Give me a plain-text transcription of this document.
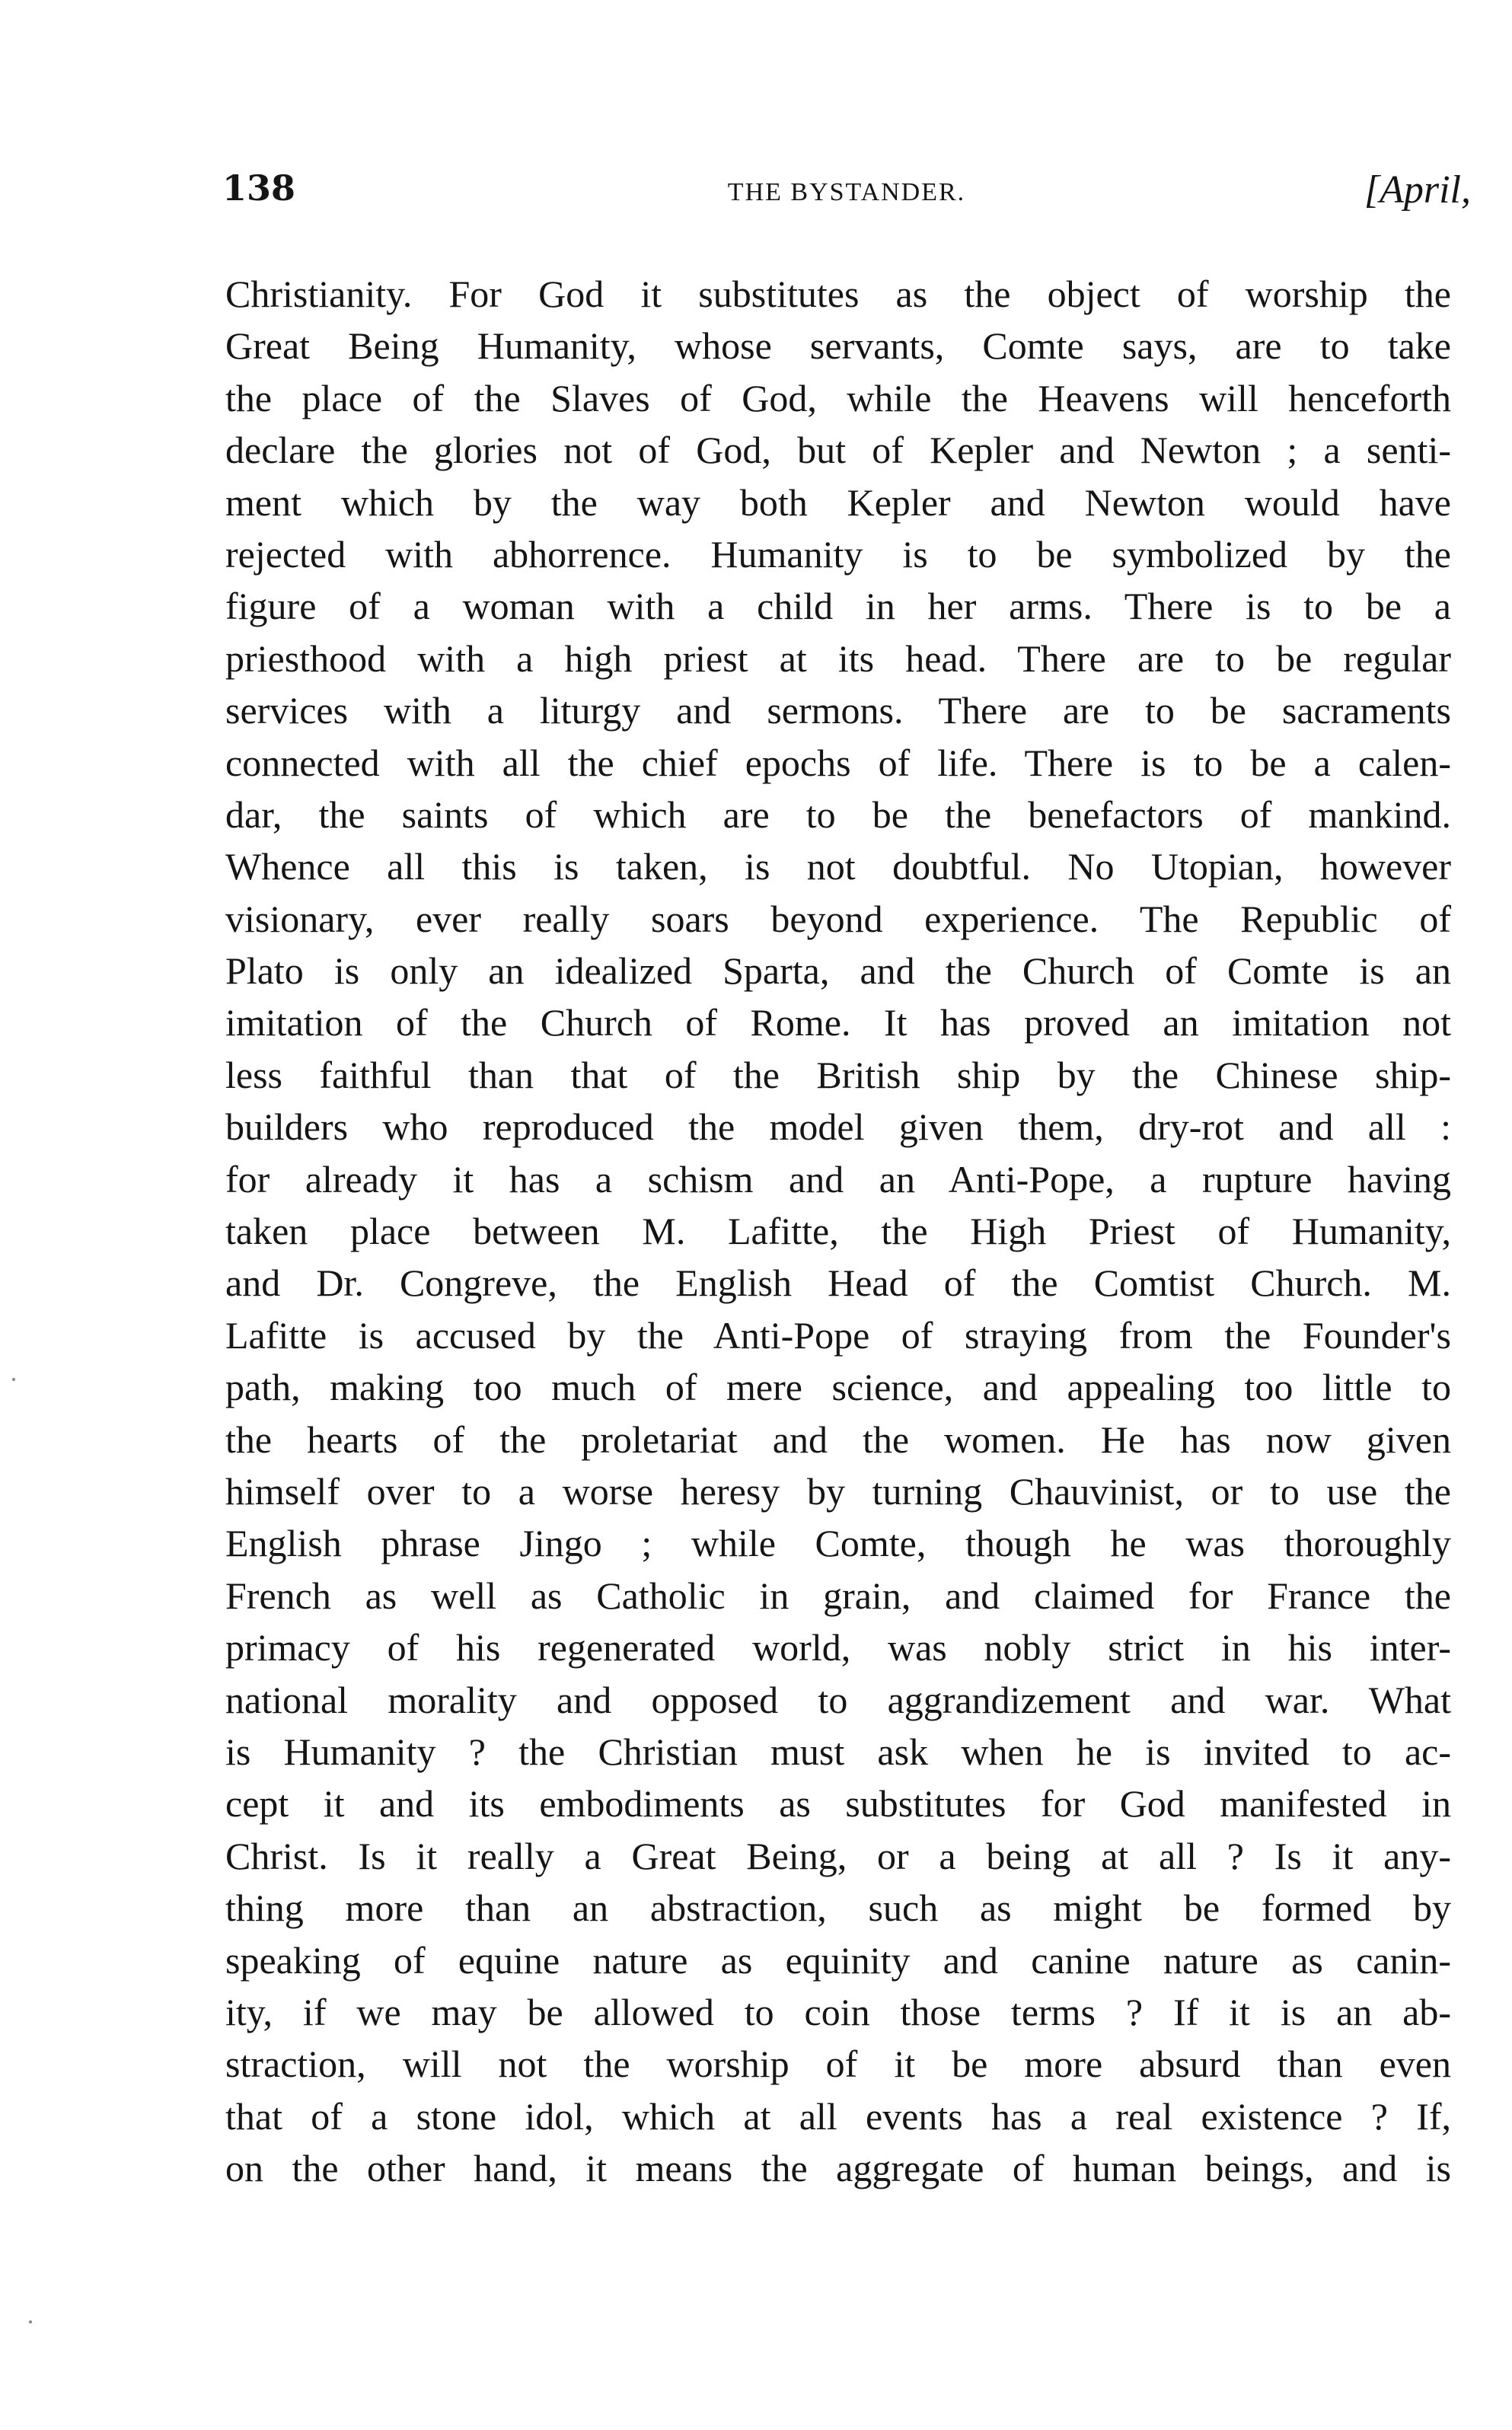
138	THE BYSTANDER.	[April,
Christianity. For God it substitutes as the object of worship the
Great Being Humanity, whose servants, Comte says, are to take
the place of the Slaves of God, while the Heavens will henceforth
declare the glories not of God, but of Kepler and Newton ; a senti-
ment which by the way both Kepler and Newton would have
rejected with abhorrence. Humanity is to be symbolized by the
figure of a woman with a child in her arms. There is to be a
priesthood with a high priest at its head. There are to be regular
services with a liturgy and sermons. There are to be sacraments
connected with all the chief epochs of life. There is to be a calen-
dar, the saints of which are to be the benefactors of mankind.
Whence all this is taken, is not doubtful. No Utopian, however
visionary, ever really soars beyond experience. The Republic of
Plato is only an idealized Sparta, and the Church of Comte is an
imitation of the Church of Rome. It has proved an imitation not
less faithful than that of the British ship by the Chinese ship-
builders who reproduced the model given them, dry-rot and all :
for already it has a schism and an Anti-Pope, a rupture having
taken place between M. Lafitte, the High Priest of Humanity,
and Dr. Congreve, the English Head of the Comtist Church. M.
Lafitte is accused by the Anti-Pope of straying from the Founder's
path, making too much of mere science, and appealing too little to
the hearts of the proletariat and the women. He has now given
himself over to a worse heresy by turning Chauvinist, or to use the
English phrase Jingo ; while Comte, though he was thoroughly
French as well as Catholic in grain, and claimed for France the
primacy of his regenerated world, was nobly strict in his inter-
national morality and opposed to aggrandizement and war. What
is Humanity ? the Christian must ask when he is invited to ac-
cept it and its embodiments as substitutes for God manifested in
Christ. Is it really a Great Being, or a being at all ? Is it any-
thing more than an abstraction, such as might be formed by
speaking of equine nature as equinity and canine nature as canin-
ity, if we may be allowed to coin those terms ? If it is an ab-
straction, will not the worship of it be more absurd than even
that of a stone idol, which at all events has a real existence ? If,
on the other hand, it means the aggregate of human beings, and is
